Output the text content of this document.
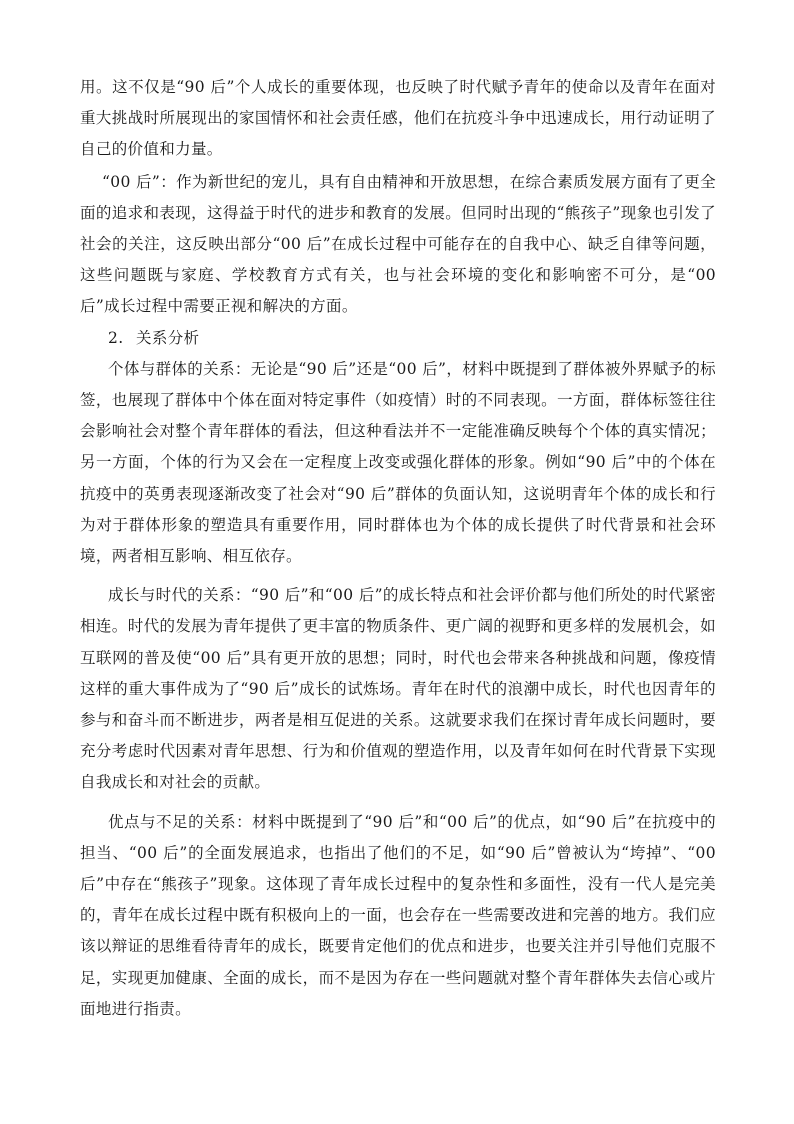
用。这不仅是“90 后”个人成长的重要体现，也反映了时代赋予青年的使命以及青年在面对重大挑战时所展现出的家国情怀和社会责任感，他们在抗疫斗争中迅速成长，用行动证明了自己的价值和力量。

“00 后”：作为新世纪的宠儿，具有自由精神和开放思想，在综合素质发展方面有了更全面的追求和表现，这得益于时代的进步和教育的发展。但同时出现的“熊孩子”现象也引发了社会的关注，这反映出部分“00 后”在成长过程中可能存在的自我中心、缺乏自律等问题，这些问题既与家庭、学校教育方式有关，也与社会环境的变化和影响密不可分，是“00 后”成长过程中需要正视和解决的方面。

2. 关系分析

个体与群体的关系：无论是“90 后”还是“00 后”，材料中既提到了群体被外界赋予的标签，也展现了群体中个体在面对特定事件（如疫情）时的不同表现。一方面，群体标签往往会影响社会对整个青年群体的看法，但这种看法并不一定能准确反映每个个体的真实情况；另一方面，个体的行为又会在一定程度上改变或强化群体的形象。例如“90 后”中的个体在抗疫中的英勇表现逐渐改变了社会对“90 后”群体的负面认知，这说明青年个体的成长和行为对于群体形象的塑造具有重要作用，同时群体也为个体的成长提供了时代背景和社会环境，两者相互影响、相互依存。

成长与时代的关系：“90 后”和“00 后”的成长特点和社会评价都与他们所处的时代紧密相连。时代的发展为青年提供了更丰富的物质条件、更广阔的视野和更多样的发展机会，如互联网的普及使“00 后”具有更开放的思想；同时，时代也会带来各种挑战和问题，像疫情这样的重大事件成为了“90 后”成长的试炼场。青年在时代的浪潮中成长，时代也因青年的参与和奋斗而不断进步，两者是相互促进的关系。这就要求我们在探讨青年成长问题时，要充分考虑时代因素对青年思想、行为和价值观的塑造作用，以及青年如何在时代背景下实现自我成长和对社会的贡献。

优点与不足的关系：材料中既提到了“90 后”和“00 后”的优点，如“90 后”在抗疫中的担当、“00 后”的全面发展追求，也指出了他们的不足，如“90 后”曾被认为“垮掉”、“00 后”中存在“熊孩子”现象。这体现了青年成长过程中的复杂性和多面性，没有一代人是完美的，青年在成长过程中既有积极向上的一面，也会存在一些需要改进和完善的地方。我们应该以辩证的思维看待青年的成长，既要肯定他们的优点和进步，也要关注并引导他们克服不足，实现更加健康、全面的成长，而不是因为存在一些问题就对整个青年群体失去信心或片面地进行指责。
